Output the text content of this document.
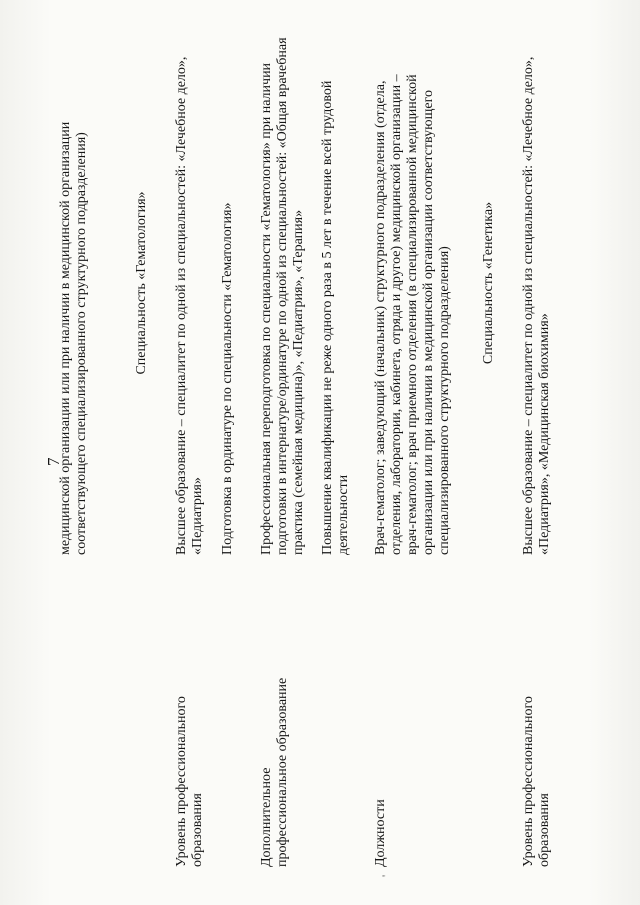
7
медицинской организации или при наличии в медицинской организации соответствующего специализированного структурного подразделения)	Специальность «Гематология»
Уровень профессионального образования
Высшее образование – специалитет по одной из специальностей: «Лечебное дело», «Педиатрия» Подготовка в ординатуре по специальности «Гематология»
Дополнительное профессиональное образование
Профессиональная переподготовка по специальности «Гематология» при наличии подготовки в интернатуре/ординатуре по одной из специальностей: «Общая врачебная практика (семейная медицина)», «Педиатрия», «Терапия» Повышение квалификации не реже одного раза в 5 лет в течение всей трудовой деятельности
Должности
Врач-гематолог; заведующий (начальник) структурного подразделения (отдела, отделения, лаборатории, кабинета, отряда и другое) медицинской организации – врач-гематолог; врач приемного отделения (в специализированной медицинской организации или при наличии в медицинской организации соответствующего специализированного структурного подразделения) Специальность «Генетика»
Уровень профессионального образования
Высшее образование – специалитет по одной из специальностей: «Лечебное дело», «Педиатрия», «Медицинская биохимия»
'
